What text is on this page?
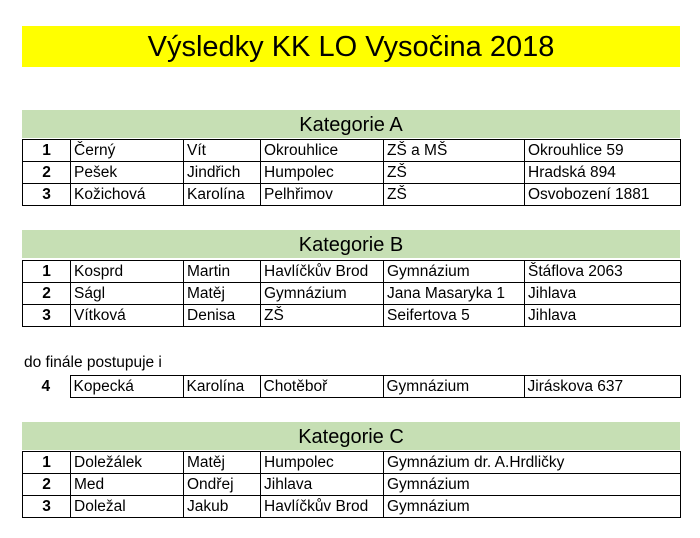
Výsledky KK LO Vysočina 2018
Kategorie A
1	Černý	Vít	Okrouhlice	ZŠ a MŠ	Okrouhlice 59
2	Pešek	Jindřich	Humpolec	ZŠ	Hradská 894
3	Kožichová	Karolína	Pelhřimov	ZŠ	Osvobození 1881
Kategorie B
1	Kosprd	Martin	Havlíčkův Brod	Gymnázium	Štáflova 2063
2	Ságl	Matěj	Gymnázium	Jana Masaryka 1	Jihlava
3	Vítková	Denisa	ZŠ	Seifertova 5	Jihlava
do finále postupuje i
4	Kopecká	Karolína	Chotěboř	Gymnázium	Jiráskova 637
Kategorie C
1	Doležálek	Matěj	Humpolec	Gymnázium dr. A.Hrdličky
2	Med	Ondřej	Jihlava	Gymnázium
3	Doležal	Jakub	Havlíčkův Brod	Gymnázium
